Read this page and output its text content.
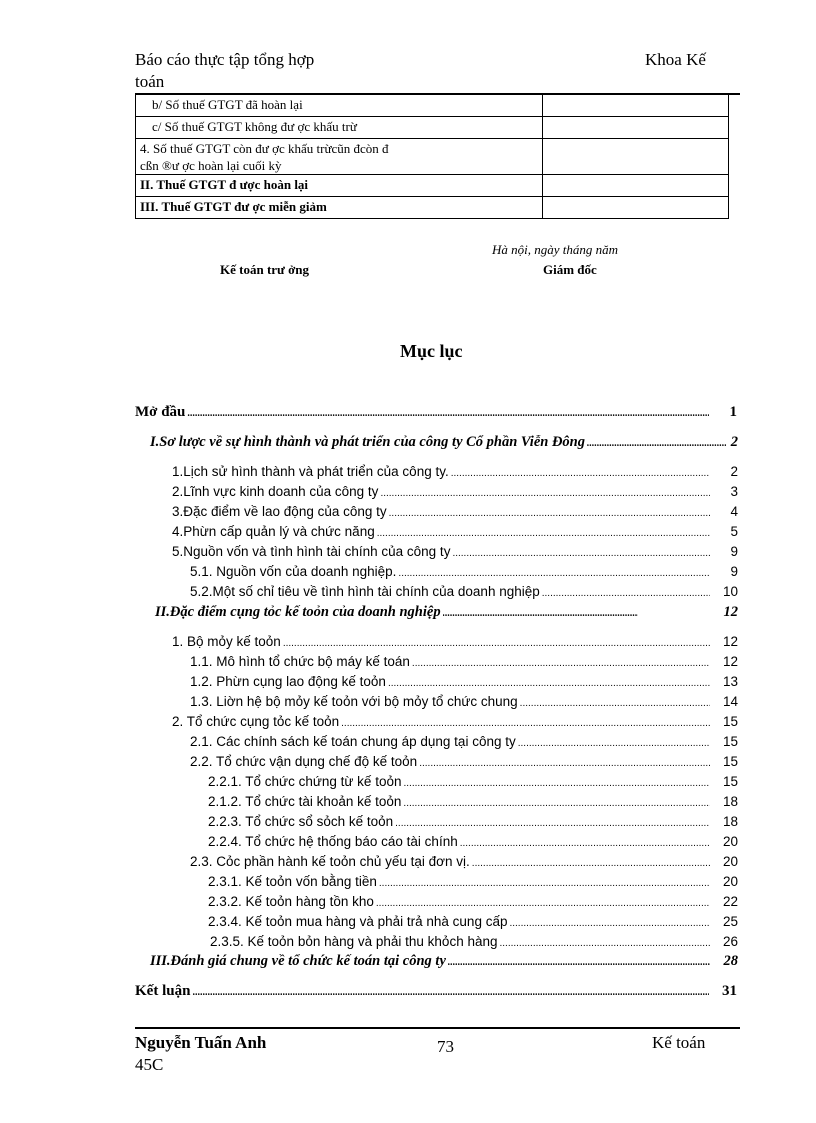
Báo cáo thực tập tổng hợp
toán
Khoa Kế
b/ Số thuế GTGT đã hoàn lại	
c/ Số thuế GTGT không đư ợc khấu trừ	

4. Số thuế GTGT còn đư ợc khấu trừcũn đcòn đ
cßn ®ư ợc hoàn lại cuối kỳ	

II. Thuế GTGT đ ược hoàn lại	
III. Thuế GTGT đư ợc miễn giảm	
Hà nội, ngày tháng năm
Kế toán trư ởng	Giám đốc
Mục lục
Mở đầu .....	1
I.Sơ lược về sự hình thành và phát triển của công ty Cổ phần Viễn Đông .....	2
1.Lịch sử hình thành và phát triển của công ty. .....	2
2.Lĩnh vực kinh doanh của công ty .....	3
3.Đặc điểm về lao động của công ty .....	4
4.Phừn cấp quản lý và chức năng .....	5
5.Nguồn vốn và tình hình tài chính của công ty .....	9
5.1. Nguồn vốn của doanh nghiệp. .....	9
5.2.Một số chỉ tiêu về tình hình tài chính của doanh nghiệp .....	10
II.Đặc điểm cụng tỏc kế toỏn của doanh nghiệp .....	12
1. Bộ mỏy kế toỏn .....	12
1.1. Mô hình tổ chức bộ máy kế toán .....	12
1.2. Phừn cụng lao động kế toỏn .....	13
1.3. Liờn hệ bộ mỏy kế toỏn với bộ mỏy tổ chức chung .....	14
2. Tổ chức cụng tỏc kế toỏn .....	15
2.1. Các chính sách kế toán chung áp dụng tại công ty .....	15
2.2. Tổ chức vận dụng chế độ kế toỏn .....	15
2.2.1. Tổ chức chứng từ kế toỏn .....	15
2.1.2. Tổ chức tài khoản kế toỏn .....	18
2.2.3. Tổ chức sổ sỏch kế toỏn .....	18
2.2.4. Tổ chức hệ thống báo cáo tài chính .....	20
2.3. Cỏc phần hành kế toỏn chủ yếu tại đơn vị. .....	20
2.3.1. Kế toỏn vốn bằng tiền .....	20
2.3.2. Kế toỏn hàng tồn kho .....	22
2.3.4. Kế toỏn mua hàng và phải trả nhà cung cấp .....	25
2.3.5. Kế toỏn bỏn hàng và phải thu khỏch hàng .....	26
III.Đánh giá chung về tổ chức kế toán tại công ty .....	28
Kết luận .....	31
Nguyễn Tuấn Anh
45C
73	Kế toán
